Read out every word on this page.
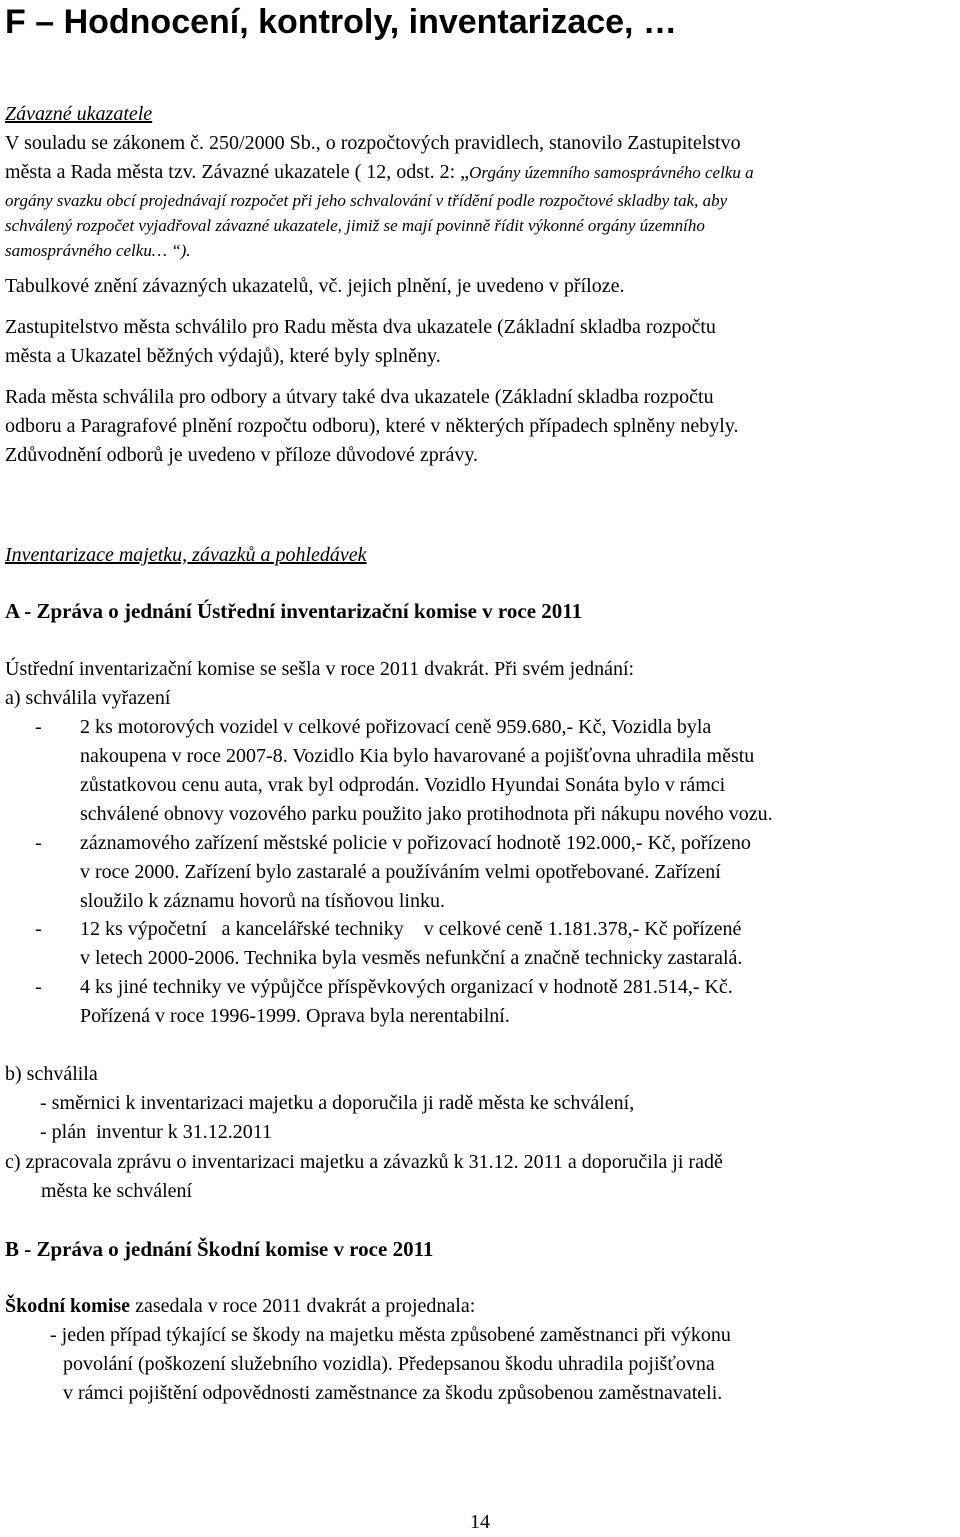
F – Hodnocení, kontroly, inventarizace, …
Závazné ukazatele
V souladu se zákonem č. 250/2000 Sb., o rozpočtových pravidlech, stanovilo Zastupitelstvo
města a Rada města tzv. Závazné ukazatele ( 12, odst. 2: „Orgány územního samosprávného celku a
orgány svazku obcí projednávají rozpočet při jeho schvalování v třídění podle rozpočtové skladby tak, aby
schválený rozpočet vyjadřoval závazné ukazatele, jimiž se mají povinně řídit výkonné orgány územního
samosprávného celku… “).
Tabulkové znění závazných ukazatelů, vč. jejich plnění, je uvedeno v příloze.
Zastupitelstvo města schválilo pro Radu města dva ukazatele (Základní skladba rozpočtu
města a Ukazatel běžných výdajů), které byly splněny.
Rada města schválila pro odbory a útvary také dva ukazatele (Základní skladba rozpočtu
odboru a Paragrafové plnění rozpočtu odboru), které v některých případech splněny nebyly.
Zdůvodnění odborů je uvedeno v příloze důvodové zprávy.
Inventarizace majetku, závazků a pohledávek
A - Zpráva o jednání Ústřední inventarizační komise v roce 2011
Ústřední inventarizační komise se sešla v roce 2011 dvakrát. Při svém jednání:
a) schválila vyřazení
-	2 ks motorových vozidel v celkové pořizovací ceně 959.680,- Kč, Vozidla byla
nakoupena v roce 2007-8. Vozidlo Kia bylo havarované a pojišťovna uhradila městu
zůstatkovou cenu auta, vrak byl odprodán. Vozidlo Hyundai Sonáta bylo v rámci
schválené obnovy vozového parku použito jako protihodnota při nákupu nového vozu.
-	záznamového zařízení městské policie v pořizovací hodnotě 192.000,- Kč, pořízeno
v roce 2000. Zařízení bylo zastaralé a používáním velmi opotřebované. Zařízení
sloužilo k záznamu hovorů na tísňovou linku.
-	12 ks výpočetní   a kancelářské techniky    v celkové ceně 1.181.378,- Kč pořízené
v letech 2000-2006. Technika byla vesměs nefunkční a značně technicky zastaralá.
-	4 ks jiné techniky ve výpůjčce příspěvkových organizací v hodnotě 281.514,- Kč.
Pořízená v roce 1996-1999. Oprava byla nerentabilní.
b) schválila
- směrnici k inventarizaci majetku a doporučila ji radě města ke schválení,
- plán  inventur k 31.12.2011
c) zpracovala zprávu o inventarizaci majetku a závazků k 31.12. 2011 a doporučila ji radě
města ke schválení
B - Zpráva o jednání Škodní komise v roce 2011
Škodní komise zasedala v roce 2011 dvakrát a projednala:
- jeden případ týkající se škody na majetku města způsobené zaměstnanci při výkonu
povolání (poškození služebního vozidla). Předepsanou škodu uhradila pojišťovna
v rámci pojištění odpovědnosti zaměstnance za škodu způsobenou zaměstnavateli.
14
